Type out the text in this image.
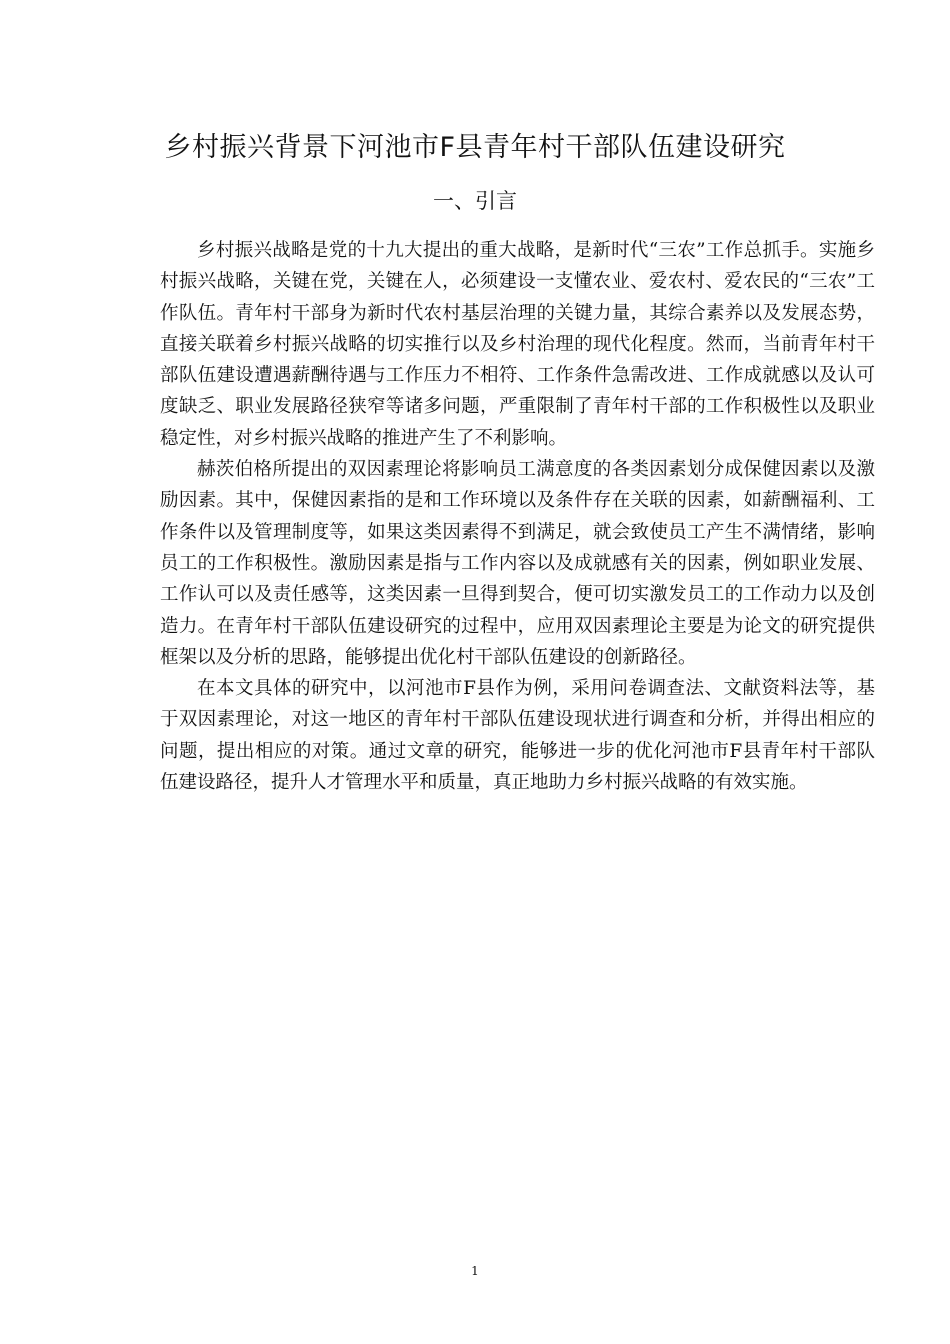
乡村振兴背景下河池市F县青年村干部队伍建设研究
一、引言

乡村振兴战略是党的十九大提出的重大战略，是新时代“三农”工作总抓手。实施乡村振兴战略，关键在党，关键在人，必须建设一支懂农业、爱农村、爱农民的“三农”工作队伍。青年村干部身为新时代农村基层治理的关键力量，其综合素养以及发展态势，直接关联着乡村振兴战略的切实推行以及乡村治理的现代化程度。然而，当前青年村干部队伍建设遭遇薪酬待遇与工作压力不相符、工作条件急需改进、工作成就感以及认可度缺乏、职业发展路径狭窄等诸多问题，严重限制了青年村干部的工作积极性以及职业稳定性，对乡村振兴战略的推进产生了不利影响。

赫茨伯格所提出的双因素理论将影响员工满意度的各类因素划分成保健因素以及激励因素。其中，保健因素指的是和工作环境以及条件存在关联的因素，如薪酬福利、工作条件以及管理制度等，如果这类因素得不到满足，就会致使员工产生不满情绪，影响员工的工作积极性。激励因素是指与工作内容以及成就感有关的因素，例如职业发展、工作认可以及责任感等，这类因素一旦得到契合，便可切实激发员工的工作动力以及创造力。在青年村干部队伍建设研究的过程中，应用双因素理论主要是为论文的研究提供框架以及分析的思路，能够提出优化村干部队伍建设的创新路径。

在本文具体的研究中，以河池市F县作为例，采用问卷调查法、文献资料法等，基于双因素理论，对这一地区的青年村干部队伍建设现状进行调查和分析，并得出相应的问题，提出相应的对策。通过文章的研究，能够进一步的优化河池市F县青年村干部队伍建设路径，提升人才管理水平和质量，真正地助力乡村振兴战略的有效实施。

1
